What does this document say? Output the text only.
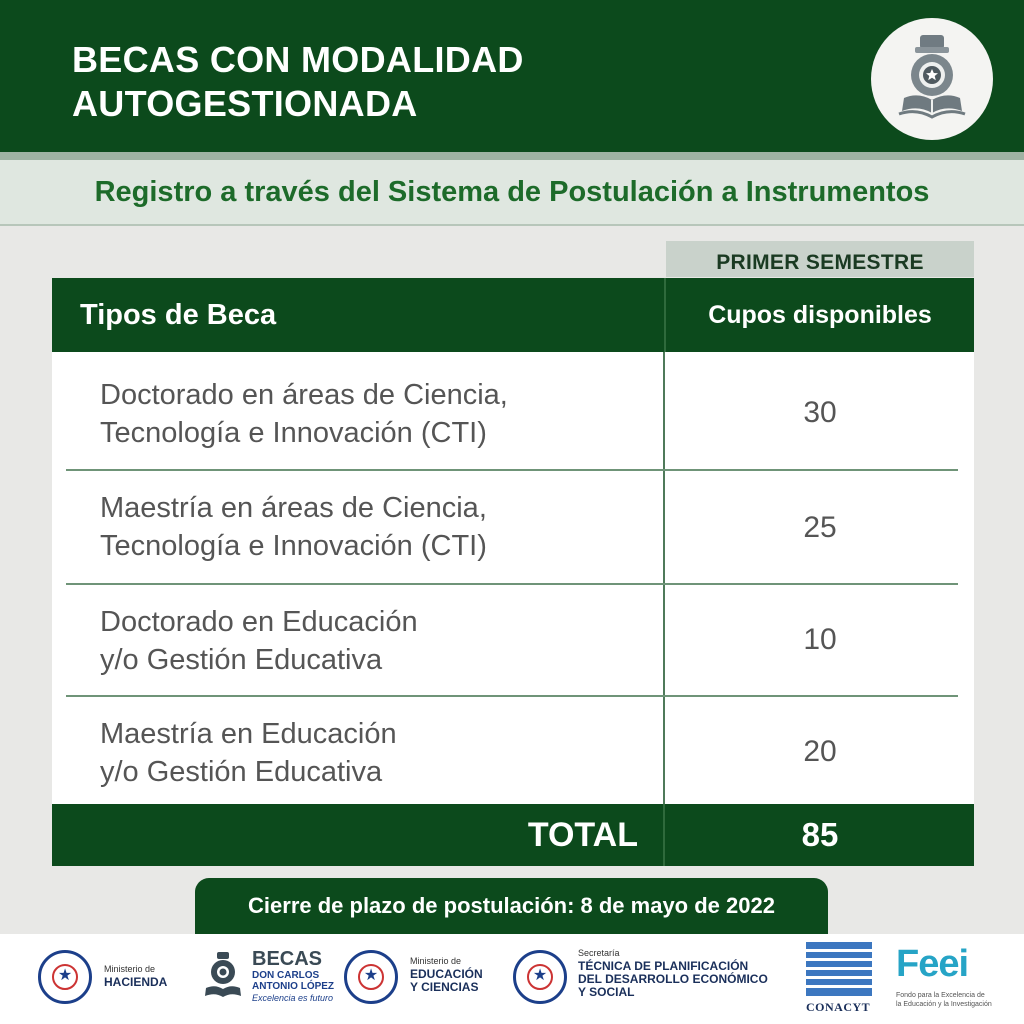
BECAS CON MODALIDAD
AUTOGESTIONADA
Registro a través del Sistema de Postulación a Instrumentos
PRIMER SEMESTRE
Tipos de Beca	Cupos disponibles
Doctorado en áreas de Ciencia,
Tecnología e Innovación (CTI)
30
Maestría en áreas de Ciencia,
Tecnología e Innovación (CTI)
25
Doctorado en Educación
y/o Gestión Educativa
10
Maestría en Educación
y/o Gestión Educativa
20
TOTAL	85
Cierre de plazo de postulación: 8 de mayo de 2022
★	Ministerio de
HACIENDA
BECAS
DON CARLOS
ANTONIO LÓPEZ
Excelencia es futuro
★
Ministerio de
EDUCACIÓN
Y CIENCIAS
★
Secretaría
TÉCNICA DE PLANIFICACIÓN
DEL DESARROLLO ECONÓMICO
Y SOCIAL
CONACYT
Feei
Fondo para la Excelencia de
la Educación y la Investigación
